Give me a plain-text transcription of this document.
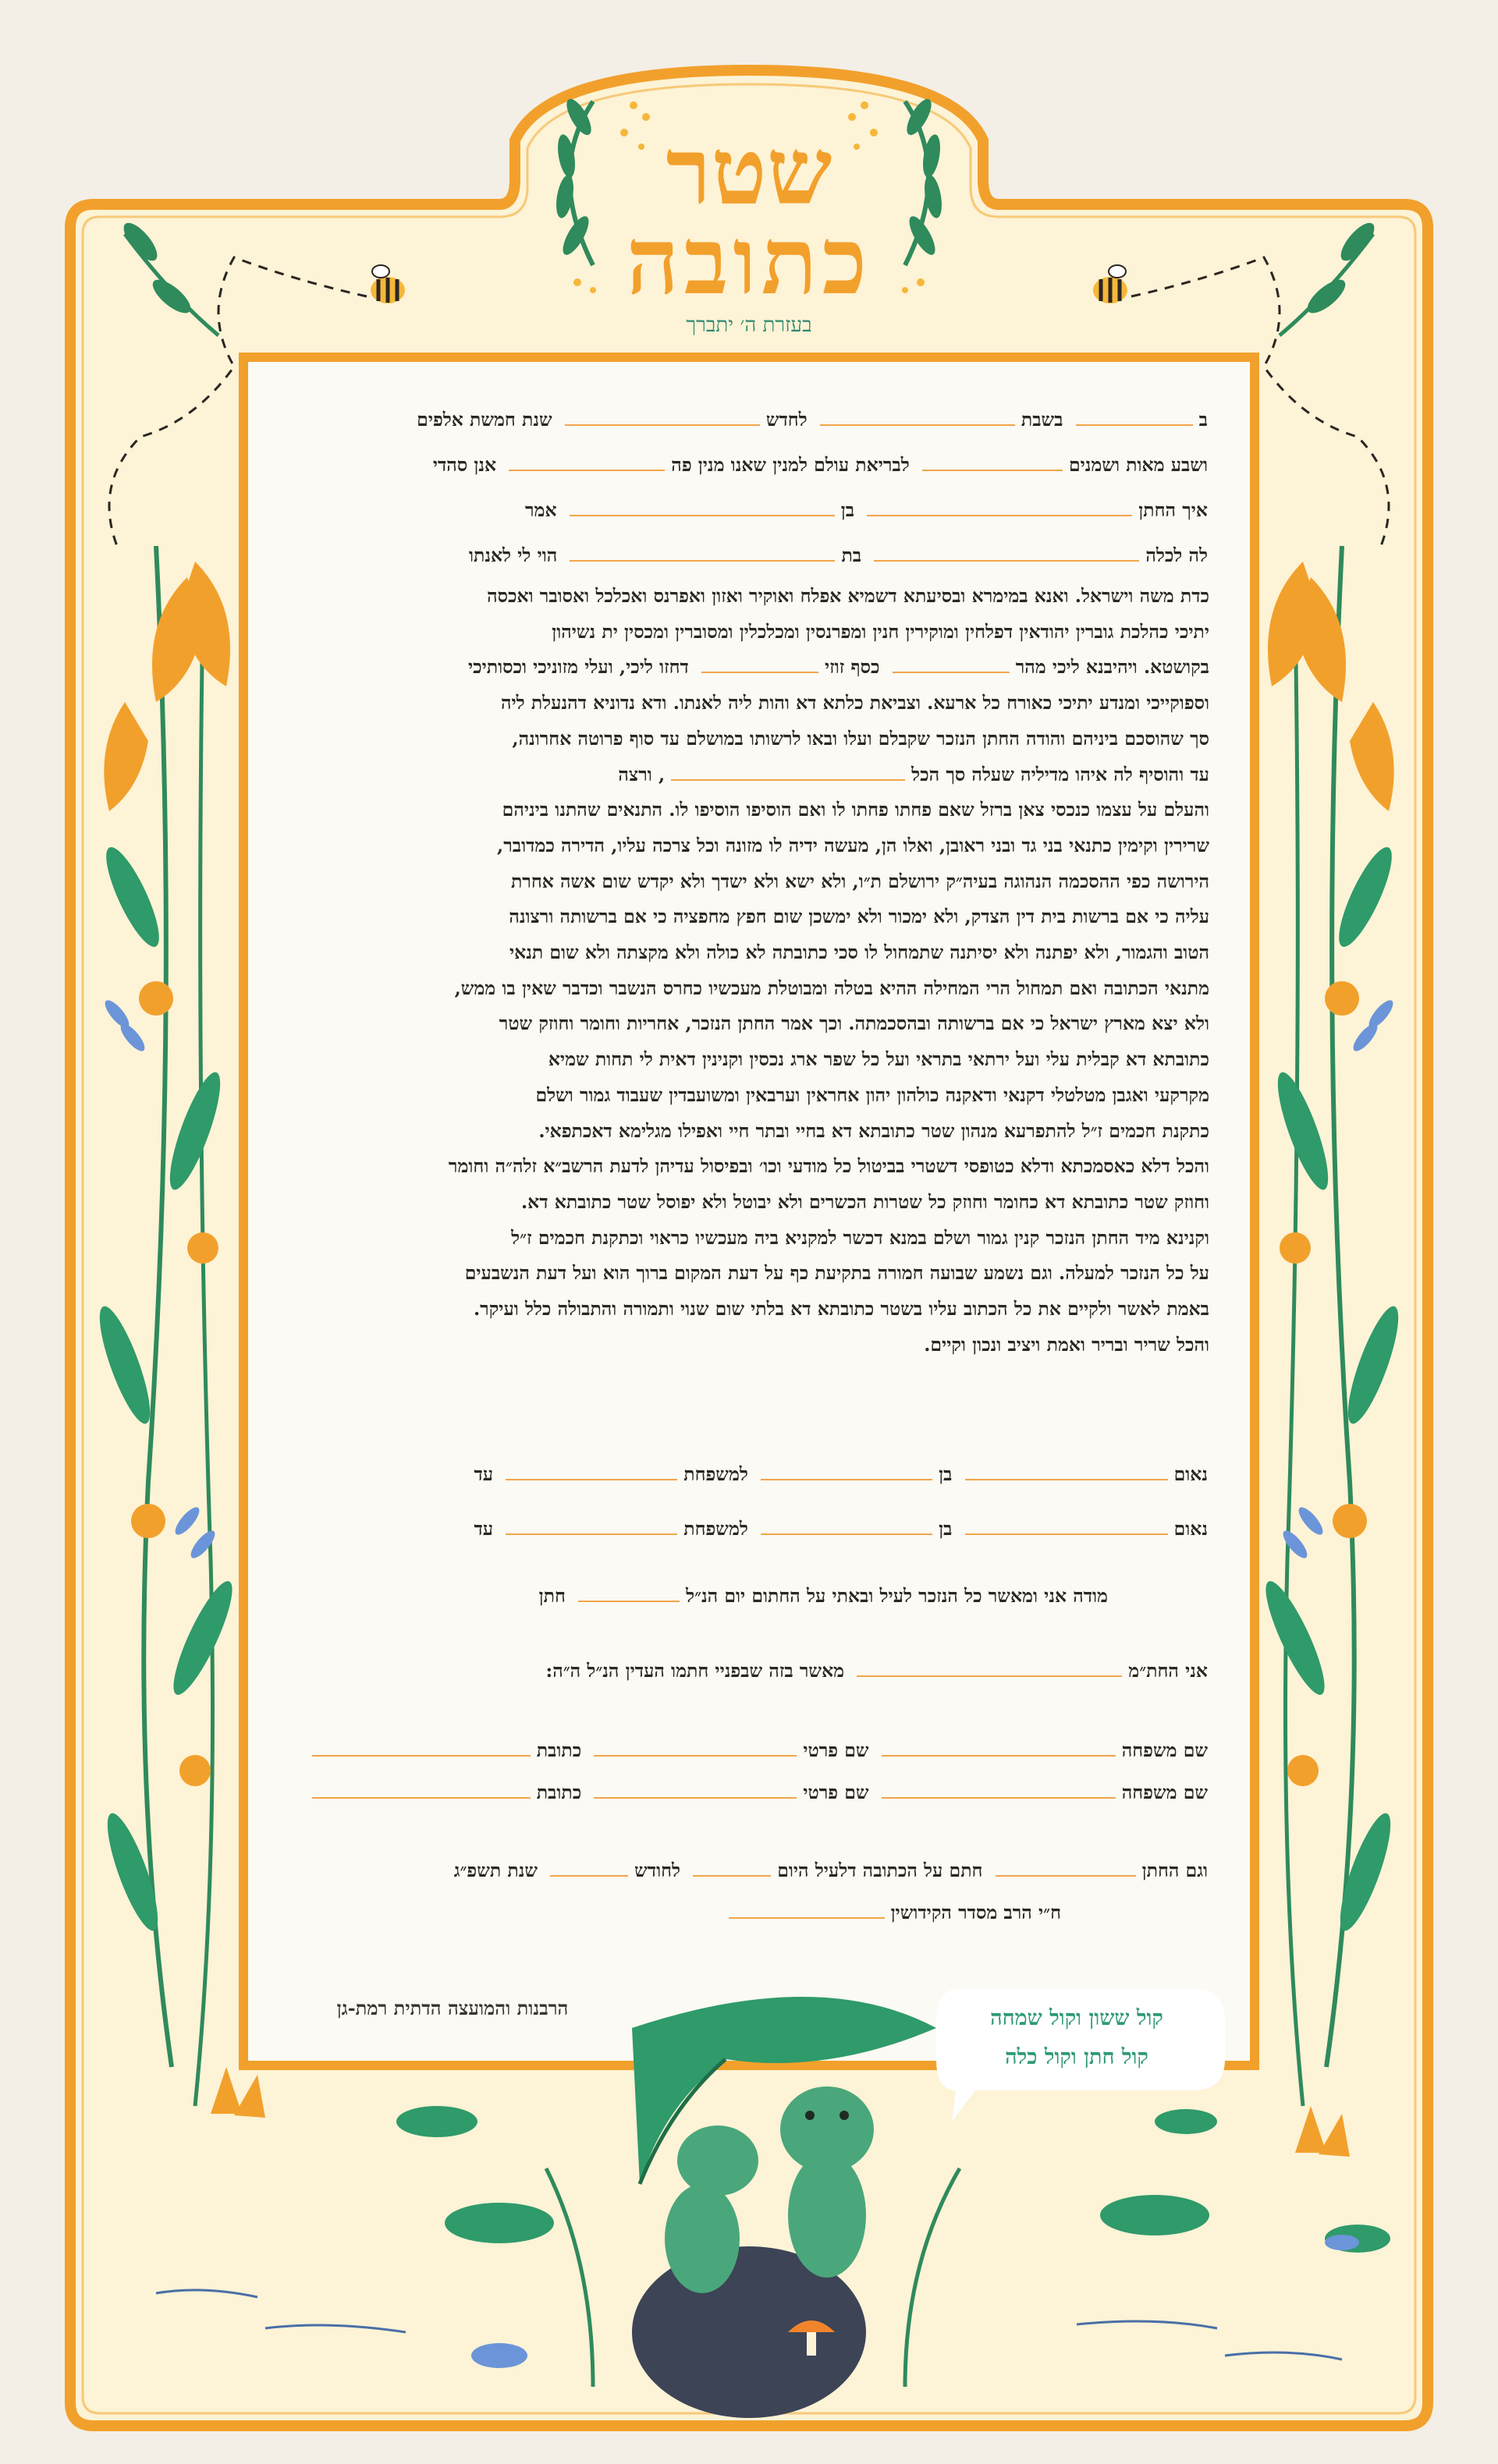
שטר
כתובה
בעזרת ה׳ יתברך
ב בשבת לחדש שנת חמשת אלפים
ושבע מאות ושמנים לבריאת עולם למנין שאנו מנין פה אנן סהדי
איך החתן בן אמר
לה לכלה בת הוי לי לאנתו

כדת משה וישראל. ואנא במימרא ובסיעתא דשמיא אפלח ואוקיר ואזון ואפרנס ואכלכל ואסובר ואכסה

יתיכי כהלכת גוברין יהודאין דפלחין ומוקירין חנין ומפרנסין ומכלכלין ומסוברין ומכסין ית נשיהון

בקושטא. ויהיבנא ליכי מהר כסף זוזי דחזו ליכי, ועלי מזוניכי וכסותיכי

וספוקייכי ומנדע יתיכי כאורח כל ארעא. וצביאת כלתא דא והות ליה לאנתו. ודא נדוניא דהנעלת ליה

סך שהוסכם ביניהם והודה החתן הנזכר שקבלם ועלו ובאו לרשותו במושלם עד סוף פרוטה אחרונה,

עד והוסיף לה איהו מדיליה שעלה סך הכל, ורצה

והעלם על עצמו כנכסי צאן ברזל שאם פחתו פחתו לו ואם הוסיפו הוסיפו לו. התנאים שהתנו ביניהם

שרירין וקימין כתנאי בני גד ובני ראובן, ואלו הן, מעשה ידיה לו מזונה וכל צרכה עליו, הדירה כמדובר,

הירושה כפי ההסכמה הנהוגה בעיה״ק ירושלם ת״ו, ולא ישא ולא ישדך ולא יקדש שום אשה אחרת

עליה כי אם ברשות בית דין הצדק, ולא ימכור ולא ימשכן שום חפץ מחפציה כי אם ברשותה ורצונה

הטוב והגמור, ולא יפתנה ולא יסיתנה שתמחול לו סכי כתובתה לא כולה ולא מקצתה ולא שום תנאי

מתנאי הכתובה ואם תמחול הרי המחילה ההיא בטלה ומבוטלת מעכשיו כחרס הנשבר וכדבר שאין בו ממש,

ולא יצא מארץ ישראל כי אם ברשותה ובהסכמתה. וכך אמר החתן הנזכר, אחריות וחומר וחוזק שטר

כתובתא דא קבלית עלי ועל ירתאי בתראי ועל כל שפר ארג נכסין וקנינין דאית לי תחות שמיא

מקרקעי ואגבן מטלטלי דקנאי ודאקנה כולהון יהון אחראין וערבאין ומשועבדין שעבוד גמור ושלם

כתקנת חכמים ז״ל להתפרעא מנהון שטר כתובתא דא בחיי ובתר חיי ואפילו מגלימא דאכתפאי.

והכל דלא כאסמכתא ודלא כטופסי דשטרי בביטול כל מודעי וכו׳ ובפיסול עדיהן לדעת הרשב״א זלה״ה וחומר

וחוזק שטר כתובתא דא כחומר וחוזק כל שטרות הכשרים ולא יבוטל ולא יפוסל שטר כתובתא דא.

וקנינא מיד החתן הנזכר קנין גמור ושלם במנא דכשר למקניא ביה מעכשיו כראוי וכתקנת חכמים ז״ל

על כל הנזכר למעלה. וגם נשמע שבועה חמורה בתקיעת כף על דעת המקום ברוך הוא ועל דעת הנשבעים

באמת לאשר ולקיים את כל הכתוב עליו בשטר כתובתא דא בלתי שום שנוי ותמורה והתבולה כלל ועיקר.

והכל שריר ובריר ואמת ויציב ונכון וקיים.

נאום בן למשפחת עד
נאום בן למשפחת עד
מודה אני ומאשר כל הנזכר לעיל ובאתי על החתום יום הנ״ל חתן
אני החת״מ מאשר בזה שבפניי חתמו העדין הנ״ל ה״ה:
שם משפחה שם פרטי כתובת
שם משפחה שם פרטי כתובת
וגם החתן חתם על הכתובה דלעיל היום לחודש שנת תשפ״ג
ח״י הרב מסדר הקידושין
הרבנות והמועצה הדתית רמת-גן	קול ששון וקול שמחה
קול חתן וקול כלה
